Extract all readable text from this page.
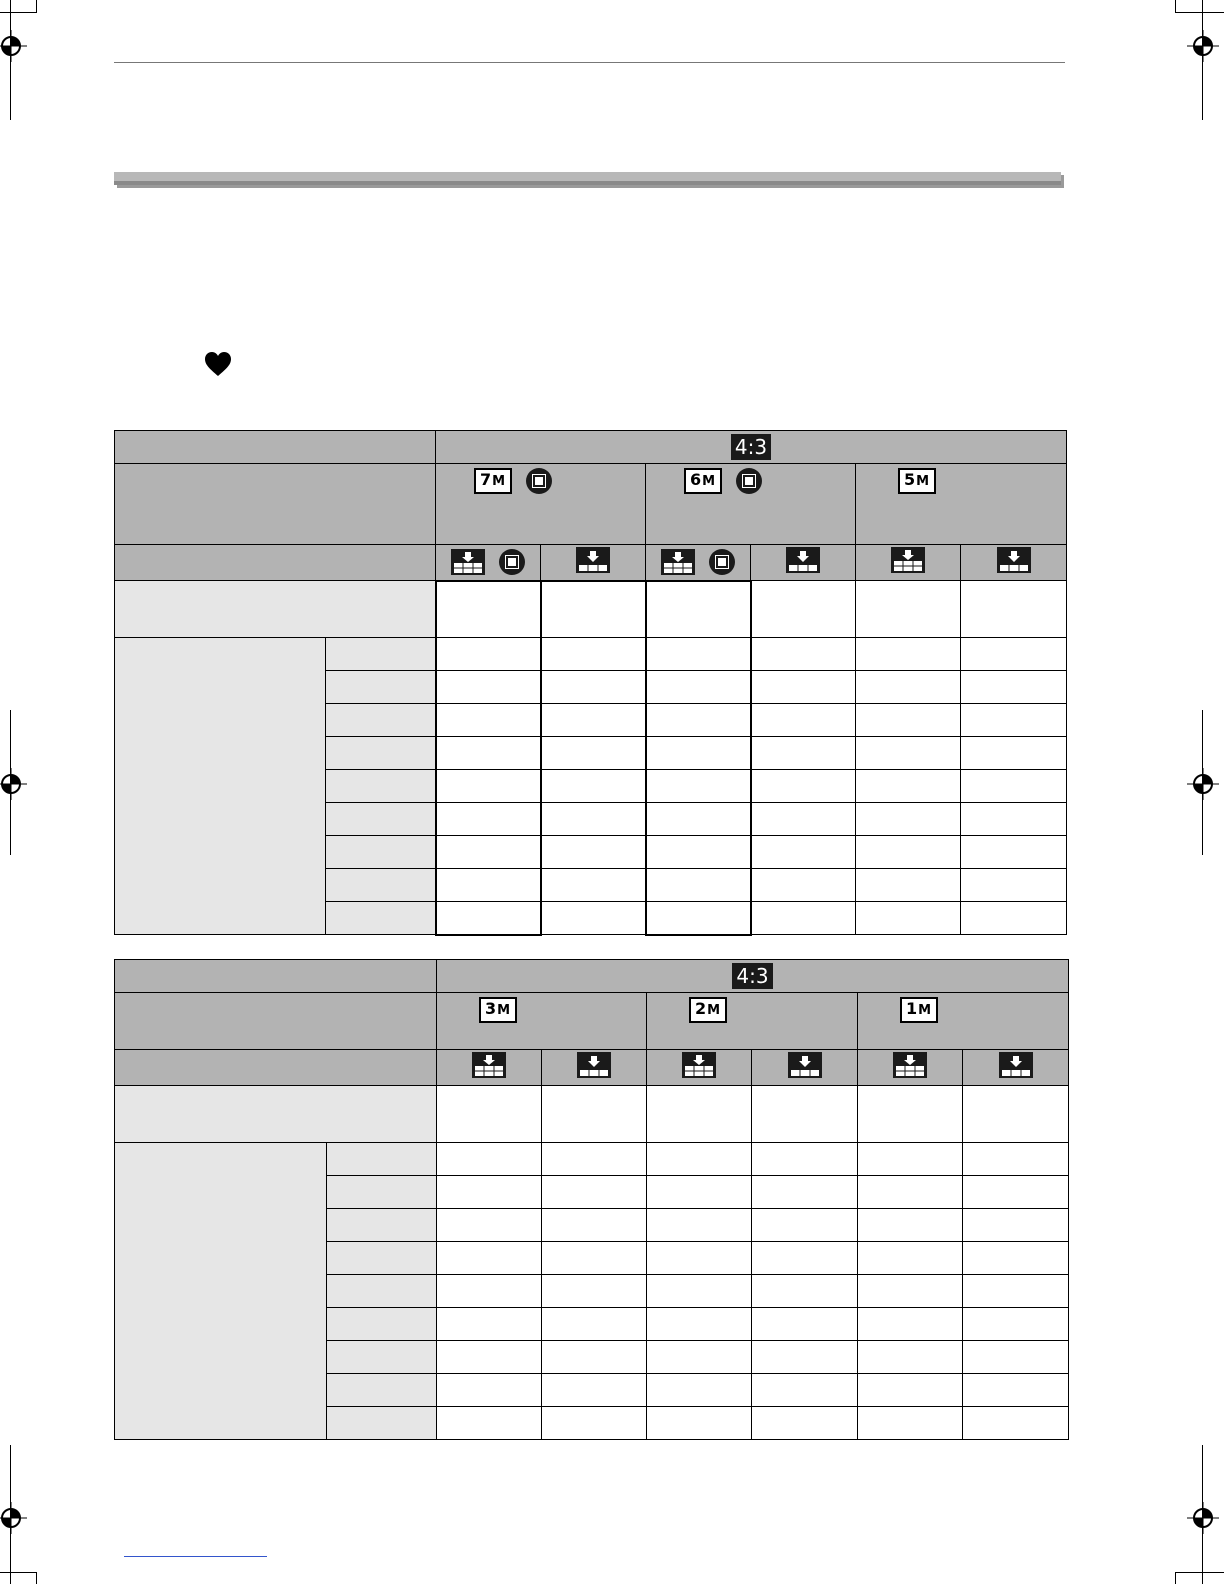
		4:3					

		7M		6M		5M	

		4:3					

		3M		2M		1M	
